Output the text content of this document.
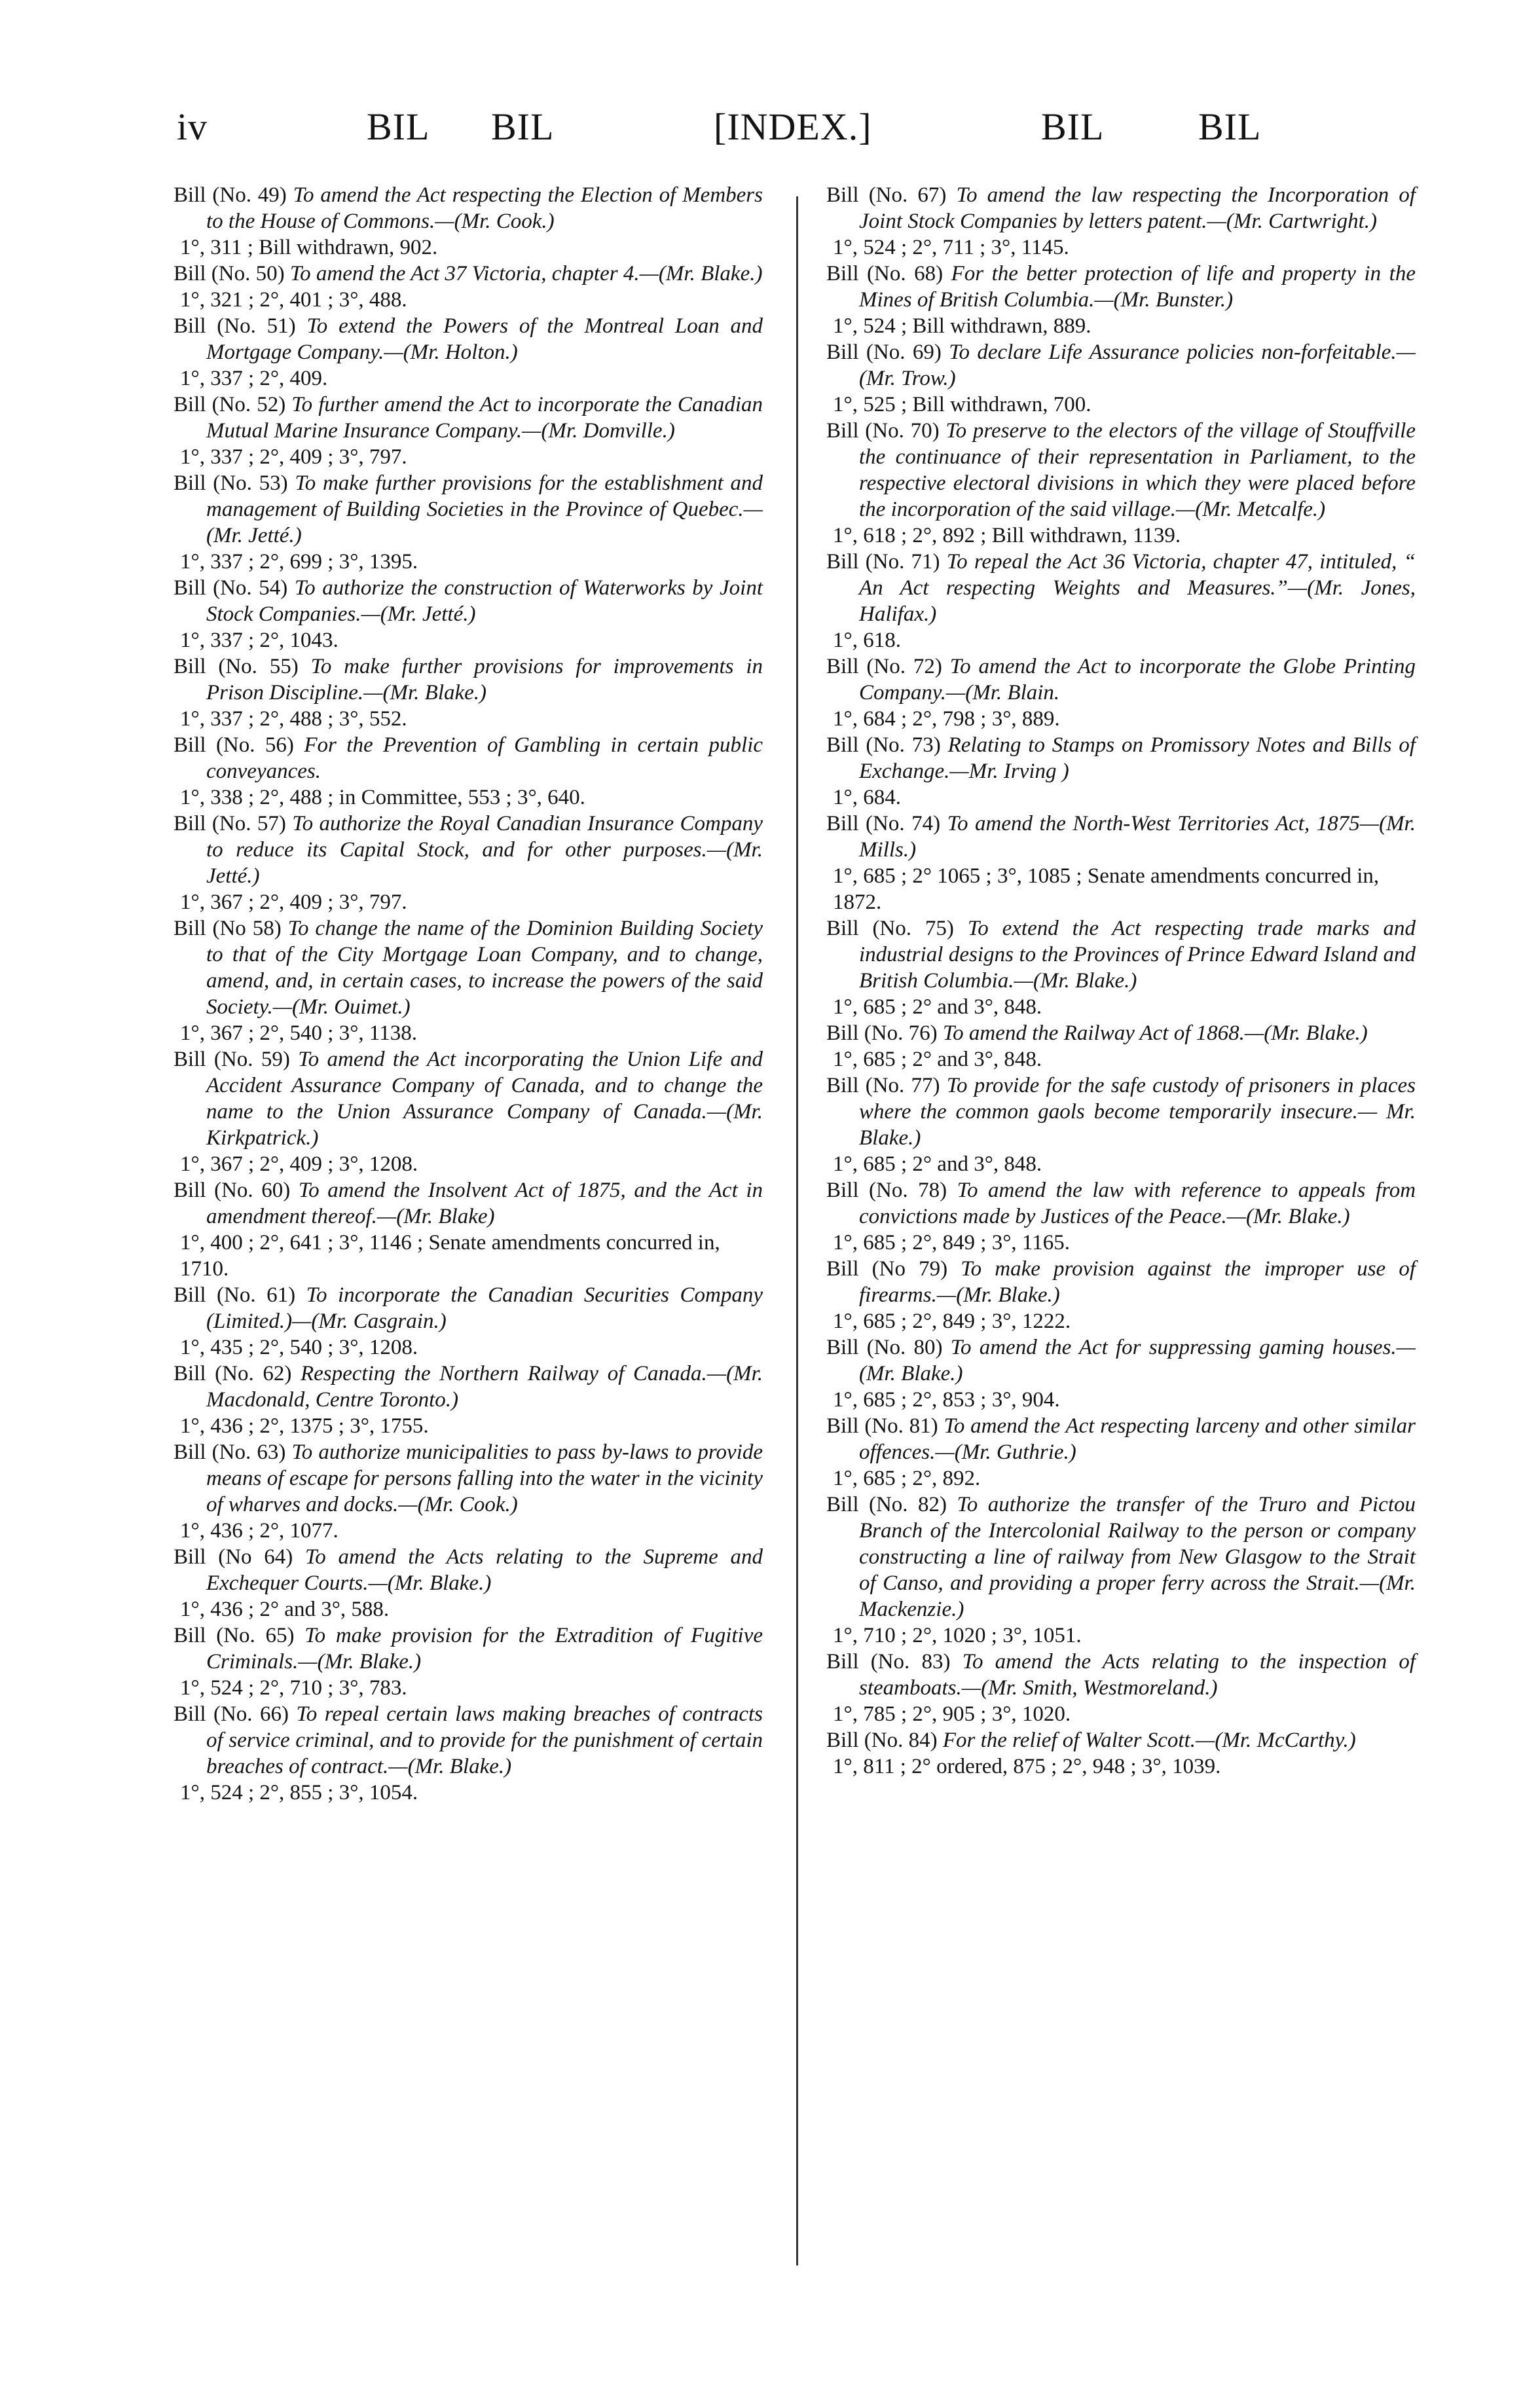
iv	BIL BIL	[INDEX.]	BIL BIL
Bill (No. 49) To amend the Act respecting the Election of Members to the House of Commons.—(Mr. Cook.)
1°, 311 ; Bill withdrawn, 902.
Bill (No. 50) To amend the Act 37 Victoria, chapter 4.—(Mr. Blake.)
1°, 321 ; 2°, 401 ; 3°, 488.
Bill (No. 51) To extend the Powers of the Montreal Loan and Mortgage Company.—(Mr. Holton.)
1°, 337 ; 2°, 409.
Bill (No. 52) To further amend the Act to incorporate the Canadian Mutual Marine Insurance Company.—(Mr. Domville.)
1°, 337 ; 2°, 409 ; 3°, 797.
Bill (No. 53) To make further provisions for the establishment and management of Building Societies in the Province of Quebec.—(Mr. Jetté.)
1°, 337 ; 2°, 699 ; 3°, 1395.
Bill (No. 54) To authorize the construction of Waterworks by Joint Stock Companies.—(Mr. Jetté.)
1°, 337 ; 2°, 1043.
Bill (No. 55) To make further provisions for improvements in Prison Discipline.—(Mr. Blake.)
1°, 337 ; 2°, 488 ; 3°, 552.
Bill (No. 56) For the Prevention of Gambling in certain public conveyances.
1°, 338 ; 2°, 488 ; in Committee, 553 ; 3°, 640.
Bill (No. 57) To authorize the Royal Canadian Insurance Company to reduce its Capital Stock, and for other purposes.—(Mr. Jetté.)
1°, 367 ; 2°, 409 ; 3°, 797.
Bill (No 58) To change the name of the Dominion Building Society to that of the City Mortgage Loan Company, and to change, amend, and, in certain cases, to increase the powers of the said Society.—(Mr. Ouimet.)
1°, 367 ; 2°, 540 ; 3°, 1138.
Bill (No. 59) To amend the Act incorporating the Union Life and Accident Assurance Company of Canada, and to change the name to the Union Assurance Company of Canada.—(Mr. Kirkpatrick.)
1°, 367 ; 2°, 409 ; 3°, 1208.
Bill (No. 60) To amend the Insolvent Act of 1875, and the Act in amendment thereof.—(Mr. Blake)
1°, 400 ; 2°, 641 ; 3°, 1146 ; Senate amendments concurred in, 1710.
Bill (No. 61) To incorporate the Canadian Securities Company (Limited.)—(Mr. Casgrain.)
1°, 435 ; 2°, 540 ; 3°, 1208.
Bill (No. 62) Respecting the Northern Railway of Canada.—(Mr. Macdonald, Centre Toronto.)
1°, 436 ; 2°, 1375 ; 3°, 1755.
Bill (No. 63) To authorize municipalities to pass by-laws to provide means of escape for persons falling into the water in the vicinity of wharves and docks.—(Mr. Cook.)
1°, 436 ; 2°, 1077.
Bill (No 64) To amend the Acts relating to the Supreme and Exchequer Courts.—(Mr. Blake.)
1°, 436 ; 2° and 3°, 588.
Bill (No. 65) To make provision for the Extradition of Fugitive Criminals.—(Mr. Blake.)
1°, 524 ; 2°, 710 ; 3°, 783.
Bill (No. 66) To repeal certain laws making breaches of contracts of service criminal, and to provide for the punishment of certain breaches of contract.—(Mr. Blake.)
1°, 524 ; 2°, 855 ; 3°, 1054.
Bill (No. 67) To amend the law respecting the Incorporation of Joint Stock Companies by letters patent.—(Mr. Cartwright.)
1°, 524 ; 2°, 711 ; 3°, 1145.
Bill (No. 68) For the better protection of life and property in the Mines of British Columbia.—(Mr. Bunster.)
1°, 524 ; Bill withdrawn, 889.
Bill (No. 69) To declare Life Assurance policies non-forfeitable.—(Mr. Trow.)
1°, 525 ; Bill withdrawn, 700.
Bill (No. 70) To preserve to the electors of the village of Stouffville the continuance of their representation in Parliament, to the respective electoral divisions in which they were placed before the incorporation of the said village.—(Mr. Metcalfe.)
1°, 618 ; 2°, 892 ; Bill withdrawn, 1139.
Bill (No. 71) To repeal the Act 36 Victoria, chapter 47, intituled, “ An Act respecting Weights and Measures.”—(Mr. Jones, Halifax.)
1°, 618.
Bill (No. 72) To amend the Act to incorporate the Globe Printing Company.—(Mr. Blain.
1°, 684 ; 2°, 798 ; 3°, 889.
Bill (No. 73) Relating to Stamps on Promissory Notes and Bills of Exchange.—Mr. Irving )
1°, 684.
Bill (No. 74) To amend the North-West Territories Act, 1875—(Mr. Mills.)
1°, 685 ; 2° 1065 ; 3°, 1085 ; Senate amendments concurred in, 1872.
Bill (No. 75) To extend the Act respecting trade marks and industrial designs to the Provinces of Prince Edward Island and British Columbia.—(Mr. Blake.)
1°, 685 ; 2° and 3°, 848.
Bill (No. 76) To amend the Railway Act of 1868.—(Mr. Blake.)
1°, 685 ; 2° and 3°, 848.
Bill (No. 77) To provide for the safe custody of prisoners in places where the common gaols become temporarily insecure.— Mr. Blake.)
1°, 685 ; 2° and 3°, 848.
Bill (No. 78) To amend the law with reference to appeals from convictions made by Justices of the Peace.—(Mr. Blake.)
1°, 685 ; 2°, 849 ; 3°, 1165.
Bill (No 79) To make provision against the improper use of firearms.—(Mr. Blake.)
1°, 685 ; 2°, 849 ; 3°, 1222.
Bill (No. 80) To amend the Act for suppressing gaming houses.—(Mr. Blake.)
1°, 685 ; 2°, 853 ; 3°, 904.
Bill (No. 81) To amend the Act respecting larceny and other similar offences.—(Mr. Guthrie.)
1°, 685 ; 2°, 892.
Bill (No. 82) To authorize the transfer of the Truro and Pictou Branch of the Intercolonial Railway to the person or company constructing a line of railway from New Glasgow to the Strait of Canso, and providing a proper ferry across the Strait.—(Mr. Mackenzie.)
1°, 710 ; 2°, 1020 ; 3°, 1051.
Bill (No. 83) To amend the Acts relating to the inspection of steamboats.—(Mr. Smith, Westmoreland.)
1°, 785 ; 2°, 905 ; 3°, 1020.
Bill (No. 84) For the relief of Walter Scott.—(Mr. McCarthy.)
1°, 811 ; 2° ordered, 875 ; 2°, 948 ; 3°, 1039.
